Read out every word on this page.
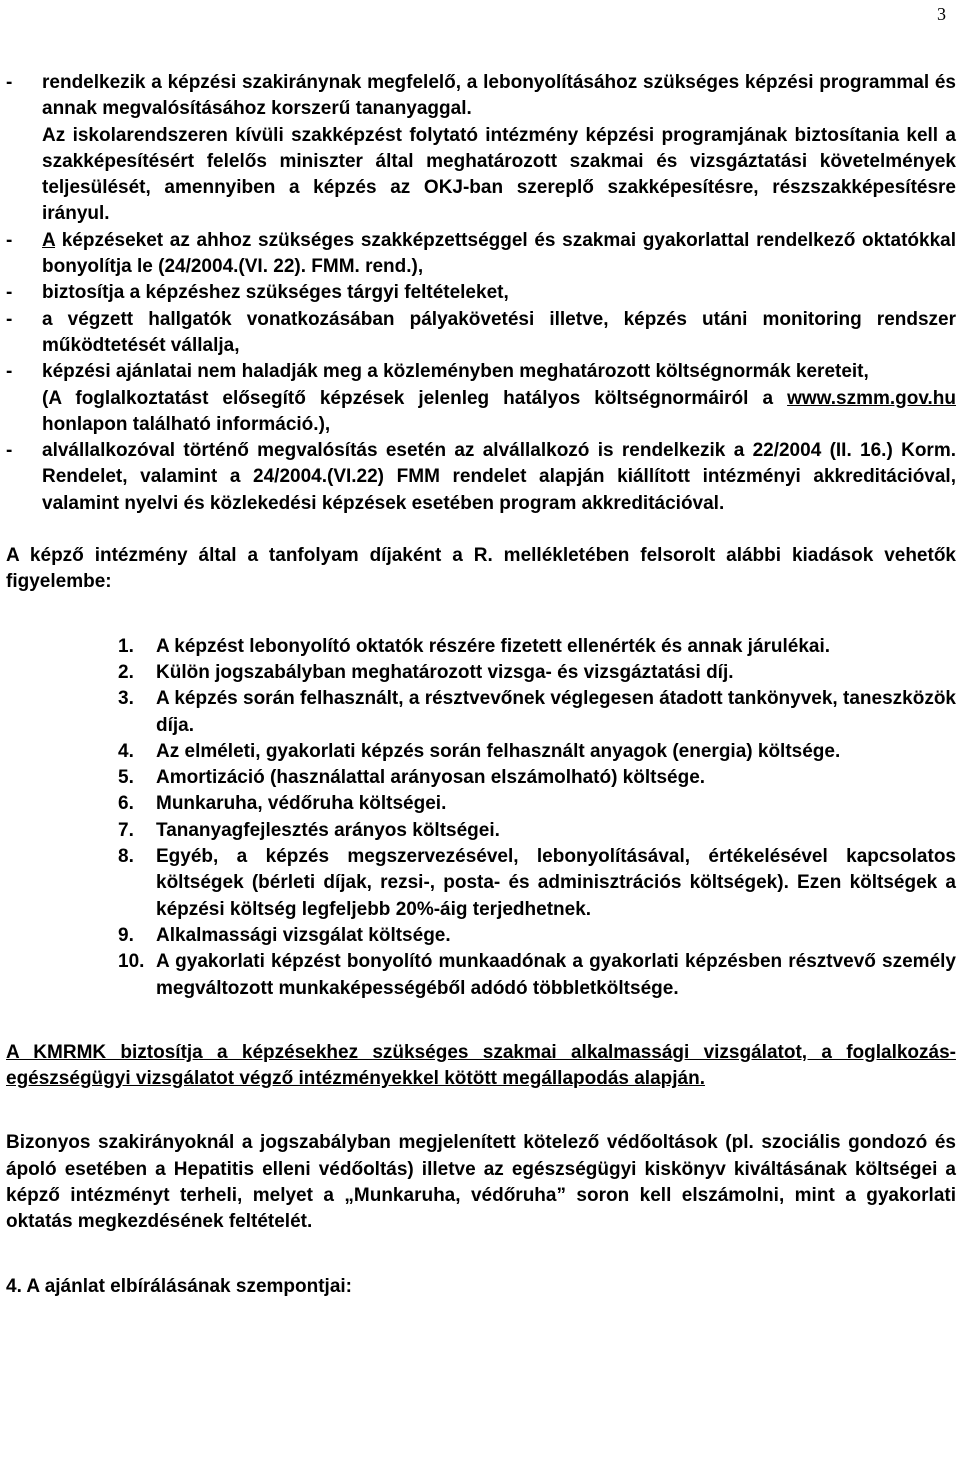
3
-	rendelkezik a képzési szakiránynak megfelelő, a lebonyolításához szükséges képzési programmal és annak megvalósításához korszerű tananyaggal.
Az iskolarendszeren kívüli szakképzést folytató intézmény képzési programjának biztosítania kell a szakképesítésért felelős miniszter által meghatározott szakmai és vizsgáztatási követelmények teljesülését, amennyiben a képzés az OKJ-ban szereplő szakképesítésre, részszakképesítésre irányul.
-	A képzéseket az ahhoz szükséges szakképzettséggel és szakmai gyakorlattal rendelkező oktatókkal bonyolítja le (24/2004.(VI. 22). FMM. rend.),
-	biztosítja a képzéshez szükséges tárgyi feltételeket,
-	a végzett hallgatók vonatkozásában pályakövetési illetve, képzés utáni monitoring rendszer működtetését vállalja,
-	képzési ajánlatai nem haladják meg a közleményben meghatározott költségnormák kereteit,
(A foglalkoztatást elősegítő képzések jelenleg hatályos költségnormáiról a www.szmm.gov.hu honlapon található információ.),
-	alvállalkozóval történő megvalósítás esetén az alvállalkozó is rendelkezik a 22/2004 (II. 16.) Korm. Rendelet, valamint a 24/2004.(VI.22) FMM rendelet alapján kiállított intézményi akkreditációval, valamint nyelvi és közlekedési képzések esetében program akkreditációval.

A képző intézmény által a tanfolyam díjaként a R. mellékletében felsorolt alábbi kiadások vehetők figyelembe:

1.	A képzést lebonyolító oktatók részére fizetett ellenérték és annak járulékai.
2.	Külön jogszabályban meghatározott vizsga- és vizsgáztatási díj.
3.	A képzés során felhasznált, a résztvevőnek véglegesen átadott tankönyvek, taneszközök díja.
4.	Az elméleti, gyakorlati képzés során felhasznált anyagok (energia) költsége.
5.	Amortizáció (használattal arányosan elszámolható) költsége.
6.	Munkaruha, védőruha költségei.
7.	Tananyagfejlesztés arányos költségei.
8.	Egyéb, a képzés megszervezésével, lebonyolításával, értékelésével kapcsolatos költségek (bérleti díjak, rezsi-, posta- és adminisztrációs költségek). Ezen költségek a képzési költség legfeljebb 20%-áig terjedhetnek.
9.	Alkalmassági vizsgálat költsége.
10. A gyakorlati képzést bonyolító munkaadónak a gyakorlati képzésben résztvevő személy megváltozott munkaképességéből adódó többletköltsége.

A KMRMK biztosítja a képzésekhez szükséges szakmai alkalmassági vizsgálatot, a foglalkozás-egészségügyi vizsgálatot végző intézményekkel kötött megállapodás alapján.

Bizonyos szakirányoknál a jogszabályban megjelenített kötelező védőoltások (pl. szociális gondozó és ápoló esetében a Hepatitis elleni védőoltás) illetve az egészségügyi kiskönyv kiváltásának költségei a képző intézményt terheli, melyet a „Munkaruha, védőruha” soron kell elszámolni, mint a gyakorlati oktatás megkezdésének feltételét.

4. A ajánlat elbírálásának szempontjai:
